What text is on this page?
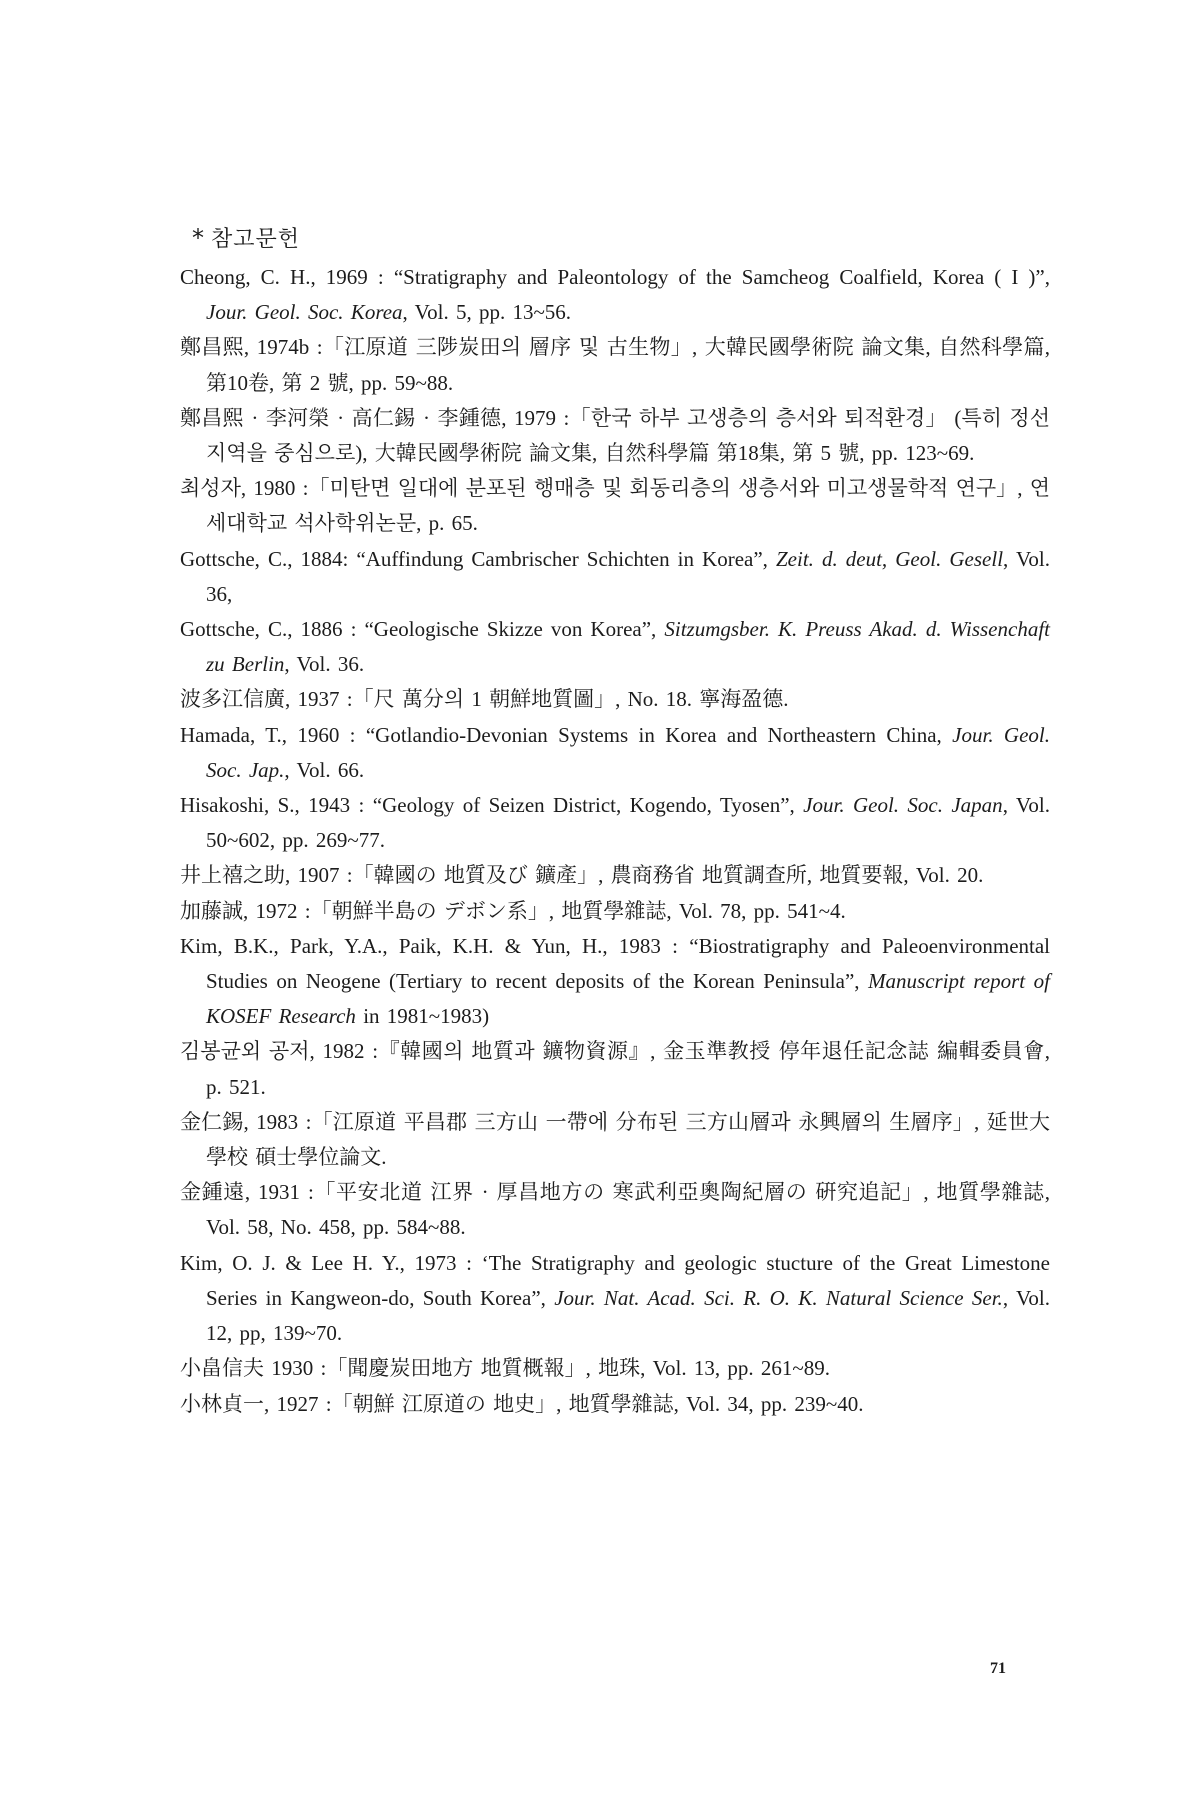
* 참고문헌
Cheong, C. H., 1969 : “Stratigraphy and Paleontology of the Samcheog Coalfield, Korea ( I )”, Jour. Geol. Soc. Korea, Vol. 5, pp. 13~56.
鄭昌熙, 1974b :「江原道 三陟炭田의 層序 및 古生物」, 大韓民國學術院 論文集, 自然科學篇, 第10卷, 第 2 號, pp. 59~88.
鄭昌熙 · 李河榮 · 高仁錫 · 李鍾德, 1979 :「한국 하부 고생층의 층서와 퇴적환경」 (특히 정선지역을 중심으로), 大韓民國學術院 論文集, 自然科學篇 第18集, 第 5 號, pp. 123~69.
최성자, 1980 :「미탄면 일대에 분포된 행매층 및 회동리층의 생층서와 미고생물학적 연구」, 연세대학교 석사학위논문, p. 65.
Gottsche, C., 1884: “Auffindung Cambrischer Schichten in Korea”, Zeit. d. deut, Geol. Gesell, Vol. 36,
Gottsche, C., 1886 : “Geologische Skizze von Korea”, Sitzumgsber. K. Preuss Akad. d. Wissenchaft zu Berlin, Vol. 36.
波多江信廣, 1937 :「尺 萬分의 1 朝鮮地質圖」, No. 18. 寧海盈德.
Hamada, T., 1960 : “Gotlandio-Devonian Systems in Korea and Northeastern China, Jour. Geol. Soc. Jap., Vol. 66.
Hisakoshi, S., 1943 : “Geology of Seizen District, Kogendo, Tyosen”, Jour. Geol. Soc. Japan, Vol. 50~602, pp. 269~77.
井上禧之助, 1907 :「韓國の 地質及び 鑛產」, 農商務省 地質調查所, 地質要報, Vol. 20.
加藤誠, 1972 :「朝鮮半島の デボン系」, 地質學雜誌, Vol. 78, pp. 541~4.
Kim, B.K., Park, Y.A., Paik, K.H. & Yun, H., 1983 : “Biostratigraphy and Paleoenvironmental Studies on Neogene (Tertiary to recent deposits of the Korean Peninsula”, Manuscript report of KOSEF Research in 1981~1983)
김봉균외 공저, 1982 :『韓國의 地質과 鑛物資源』, 金玉準教授 停年退任記念誌 編輯委員會, p. 521.
金仁錫, 1983 :「江原道 平昌郡 三方山 一帶에 分布된 三方山層과 永興層의 生層序」, 延世大學校 碩士學位論文.
金鍾遠, 1931 :「平安北道 江界 · 厚昌地方の 寒武利亞奧陶紀層の 硏究追記」, 地質學雜誌, Vol. 58, No. 458, pp. 584~88.
Kim, O. J. & Lee H. Y., 1973 : ‘The Stratigraphy and geologic stucture of the Great Limestone Series in Kangweon-do, South Korea”, Jour. Nat. Acad. Sci. R. O. K. Natural Science Ser., Vol. 12, pp, 139~70.
小畠信夫 1930 :「聞慶炭田地方 地質概報」, 地珠, Vol. 13, pp. 261~89.
小林貞一, 1927 :「朝鮮 江原道の 地史」, 地質學雜誌, Vol. 34, pp. 239~40.
71
